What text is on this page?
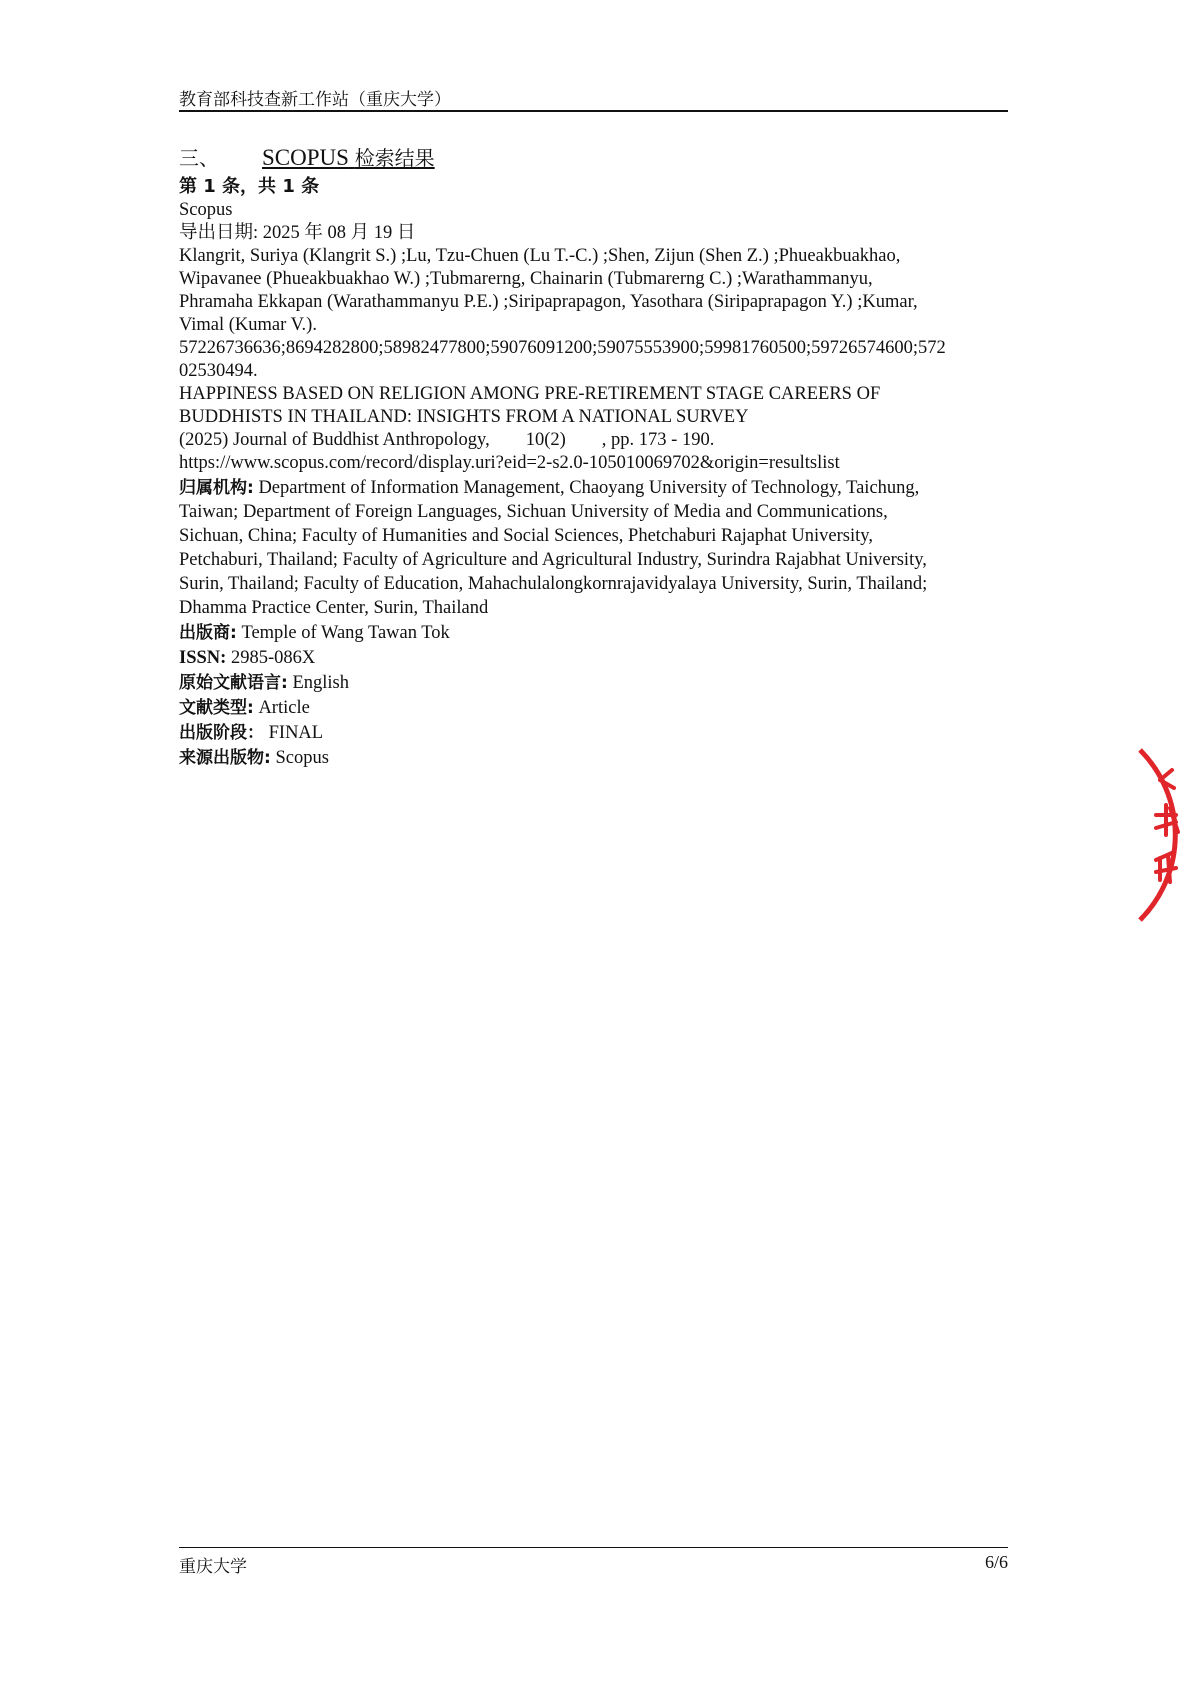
教育部科技查新工作站（重庆大学）
三、 SCOPUS 检索结果
第 1 条，共 1 条
Scopus
导出日期: 2025 年 08 月 19 日
Klangrit, Suriya (Klangrit S.) ;Lu, Tzu-Chuen (Lu T.-C.) ;Shen, Zijun (Shen Z.) ;Phueakbuakhao,
Wipavanee (Phueakbuakhao W.) ;Tubmarerng, Chainarin (Tubmarerng C.) ;Warathammanyu,
Phramaha Ekkapan (Warathammanyu P.E.) ;Siripaprapagon, Yasothara (Siripaprapagon Y.) ;Kumar,
Vimal (Kumar V.).
57226736636;8694282800;58982477800;59076091200;59075553900;59981760500;59726574600;572
02530494.
HAPPINESS BASED ON RELIGION AMONG PRE-RETIREMENT STAGE CAREERS OF
BUDDHISTS IN THAILAND: INSIGHTS FROM A NATIONAL SURVEY
(2025) Journal of Buddhist Anthropology, 10(2) , pp. 173 - 190.
https://www.scopus.com/record/display.uri?eid=2-s2.0-105010069702&origin=resultslist
归属机构: Department of Information Management, Chaoyang University of Technology, Taichung,
Taiwan; Department of Foreign Languages, Sichuan University of Media and Communications,
Sichuan, China; Faculty of Humanities and Social Sciences, Phetchaburi Rajaphat University,
Petchaburi, Thailand; Faculty of Agriculture and Agricultural Industry, Surindra Rajabhat University,
Surin, Thailand; Faculty of Education, Mahachulalongkornrajavidyalaya University, Surin, Thailand;
Dhamma Practice Center, Surin, Thailand
出版商: Temple of Wang Tawan Tok
ISSN: 2985-086X
原始文献语言: English
文献类型: Article
出版阶段： FINAL
来源出版物: Scopus
重庆大学	6/6
